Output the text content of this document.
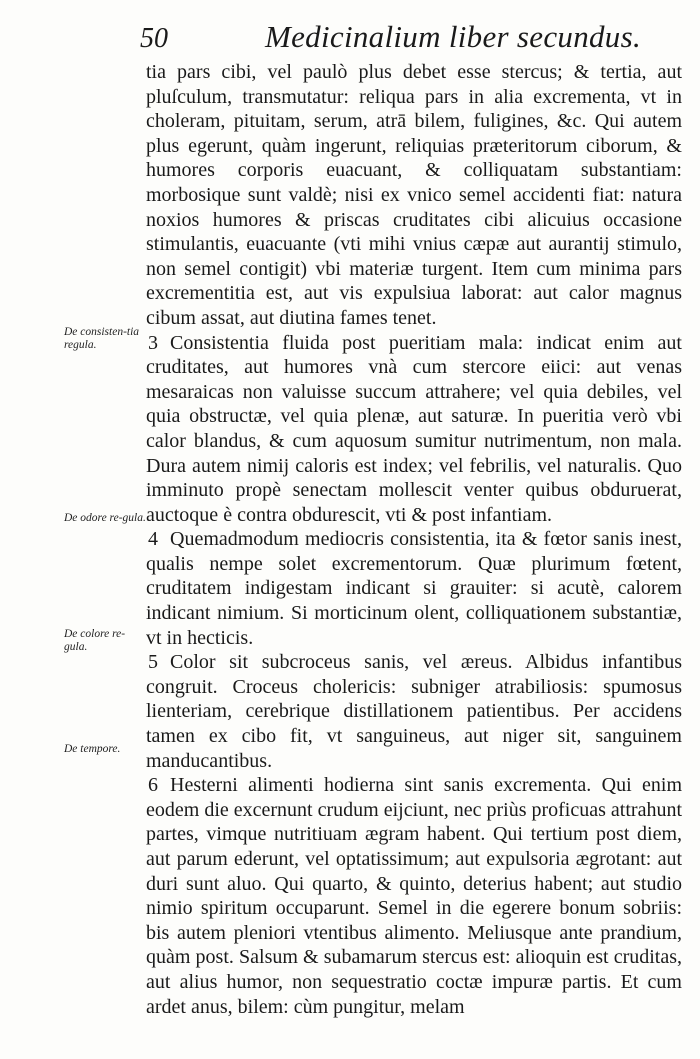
50	Medicinalium liber secundus.

tia pars cibi, vel paulò plus debet esse stercus; & tertia, aut pluſculum, transmutatur: reliqua pars in alia excrementa, vt in choleram, pituitam, serum, atrā bilem, fuligines, &c. Qui autem plus egerunt, quàm ingerunt, reliquias præteritorum ciborum, & humores corporis euacuant, & colliquatam substantiam: morbosique sunt valdè; nisi ex vnico semel accidenti fiat: natura noxios humores & priscas cruditates cibi alicuius occasione stimulantis, euacuante (vti mihi vnius cæpæ aut aurantij stimulo, non semel contigit) vbi materiæ turgent. Item cum minima pars excrementitia est, aut vis expulsiua laborat: aut calor magnus cibum assat, aut diutina fames tenet.

3 Consistentia fluida post pueritiam mala: indicat enim aut cruditates, aut humores vnà cum stercore eiici: aut venas mesaraicas non valuisse succum attrahere; vel quia debiles, vel quia obstructæ, vel quia plenæ, aut saturæ. In pueritia verò vbi calor blandus, & cum aquosum sumitur nutrimentum, non mala. Dura autem nimij caloris est index; vel febrilis, vel naturalis. Quo imminuto propè senectam mollescit venter quibus obduruerat, auctoque è contra obdurescit, vti & post infantiam.

4 Quemadmodum mediocris consistentia, ita & fœtor sanis inest, qualis nempe solet excrementorum. Quæ plurimum fœtent, cruditatem indigestam indicant si grauiter: si acutè, calorem indicant nimium. Si morticinum olent, colliquationem substantiæ, vt in hecticis.

5 Color sit subcroceus sanis, vel æreus. Albidus infantibus congruit. Croceus cholericis: subniger atrabiliosis: spumosus lienteriam, cerebrique distillationem patientibus. Per accidens tamen ex cibo fit, vt sanguineus, aut niger sit, sanguinem manducantibus.

6 Hesterni alimenti hodierna sint sanis excrementa. Qui enim eodem die excernunt crudum eijciunt, nec priùs proficuas attrahunt partes, vimque nutritiuam ægram habent. Qui tertium post diem, aut parum ederunt, vel optatissimum; aut expulsoria ægrotant: aut duri sunt aluo. Qui quarto, & quinto, deterius habent; aut studio nimio spiritum occuparunt. Semel in die egerere bonum sobriis: bis autem pleniori vtentibus alimento. Meliusque ante prandium, quàm post. Salsum & subamarum stercus est: alioquin est cruditas, aut alius humor, non sequestratio coctæ impuræ partis. Et cum ardet anus, bilem: cùm pungitur, melam

De consisten-tia regula.
De odore re-gula.
De colore re-gula.
De tempore.
